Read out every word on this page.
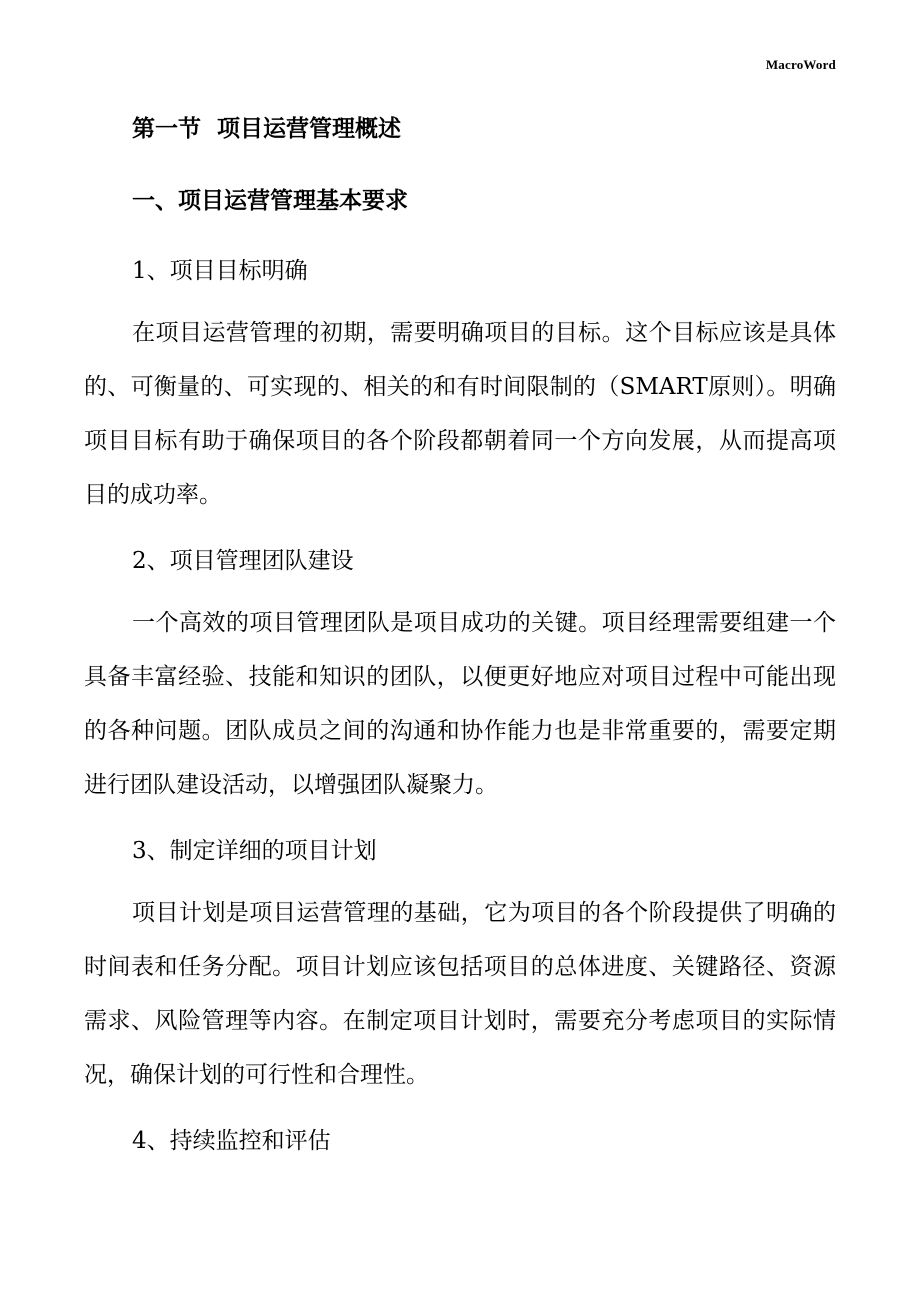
MacroWord
第一节  项目运营管理概述
一、项目运营管理基本要求
1、项目目标明确

在项目运营管理的初期，需要明确项目的目标。这个目标应该是具体的、可衡量的、可实现的、相关的和有时间限制的（SMART原则）。明确项目目标有助于确保项目的各个阶段都朝着同一个方向发展，从而提高项目的成功率。

2、项目管理团队建设

一个高效的项目管理团队是项目成功的关键。项目经理需要组建一个具备丰富经验、技能和知识的团队，以便更好地应对项目过程中可能出现的各种问题。团队成员之间的沟通和协作能力也是非常重要的，需要定期进行团队建设活动，以增强团队凝聚力。

3、制定详细的项目计划

项目计划是项目运营管理的基础，它为项目的各个阶段提供了明确的时间表和任务分配。项目计划应该包括项目的总体进度、关键路径、资源需求、风险管理等内容。在制定项目计划时，需要充分考虑项目的实际情况，确保计划的可行性和合理性。

4、持续监控和评估
